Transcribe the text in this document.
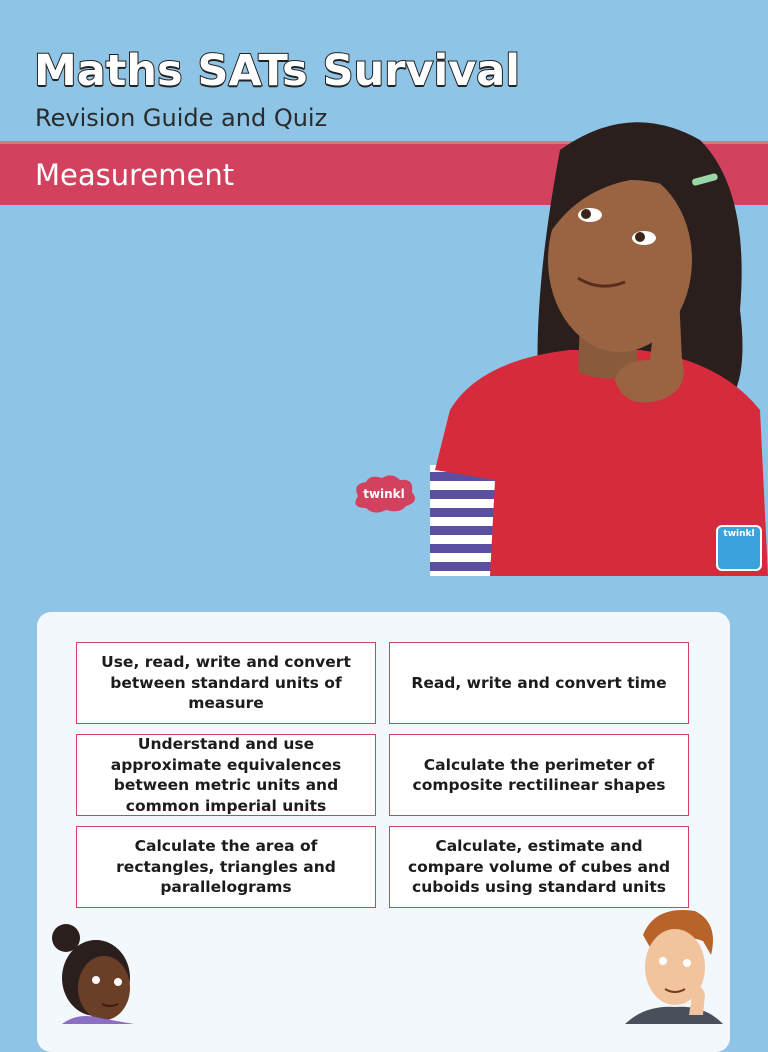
Maths SATs Survival
Revision Guide and Quiz
Measurement
twinkl
twinkl
Use, read, write and convert between standard units of measure
Read, write and convert time
Understand and use approximate equivalences between metric units and common imperial units
Calculate the perimeter of composite rectilinear shapes
Calculate the area of rectangles, triangles and parallelograms
Calculate, estimate and compare volume of cubes and cuboids using standard units
